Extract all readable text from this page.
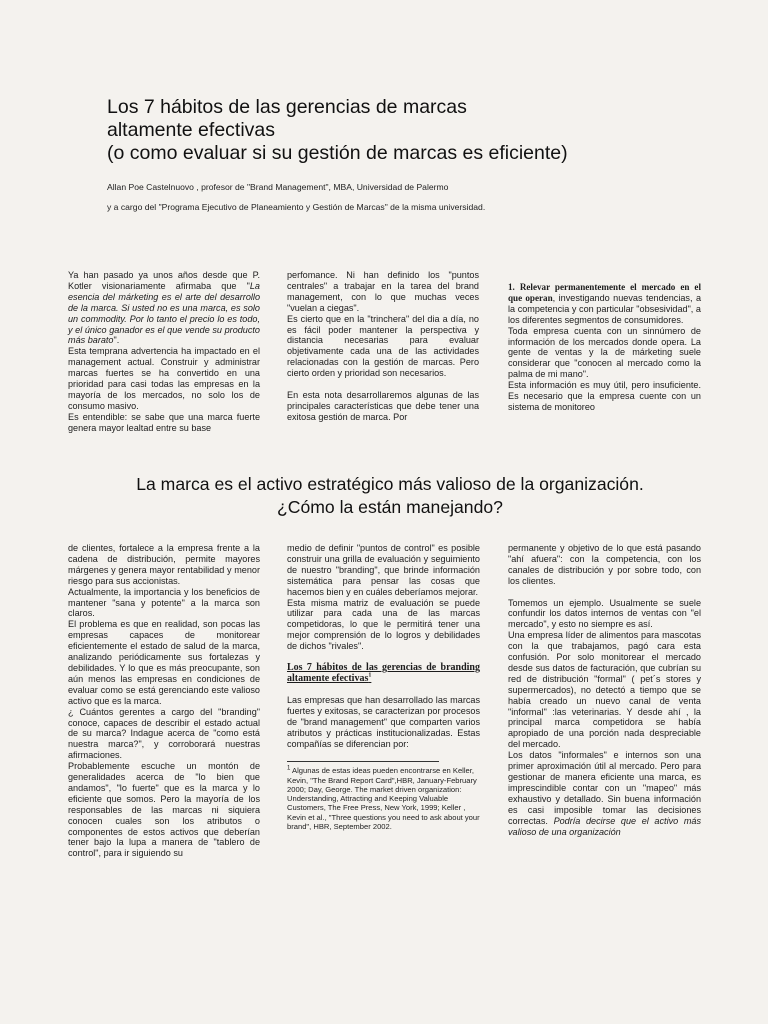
Los 7 hábitos de las gerencias de marcas
altamente efectivas
(o como evaluar si su gestión de marcas es eficiente)
Allan Poe Castelnuovo , profesor de "Brand Management", MBA, Universidad de Palermo
y a cargo del "Programa Ejecutivo de Planeamiento y Gestión de Marcas" de la misma universidad.

Ya han pasado ya unos años desde que P. Kotler visionariamente afirmaba que "La esencia del márketing es el arte del desarrollo de la marca. Si usted no es una marca, es solo un commodity. Por lo tanto el precio lo es todo, y el único ganador es el que vende su producto más barato".

Esta temprana advertencia ha impactado en el management actual. Construir y administrar marcas fuertes se ha convertido en una prioridad para casi todas las empresas en la mayoría de los mercados, no solo los de consumo masivo.

Es entendible: se sabe que una marca fuerte genera mayor lealtad entre su base

perfomance. Ni han definido los "puntos centrales" a trabajar en la tarea del brand management, con lo que muchas veces "vuelan a ciegas".

Es cierto que en la "trinchera" del dia a día, no es fácil poder mantener la perspectiva y distancia necesarias para evaluar objetivamente cada una de las actividades relacionadas con la gestión de marcas. Pero cierto orden y prioridad son necesarios.

En esta nota desarrollaremos algunas de las principales características que debe tener una exitosa gestión de marca. Por

1. Relevar permanentemente el mercado en el que operan, investigando nuevas tendencias, a la competencia y con particular "obsesividad", a los diferentes segmentos de consumidores.

Toda empresa cuenta con un sinnúmero de información de los mercados donde opera. La gente de ventas y la de márketing suele considerar que "conocen al mercado como la palma de mi mano".

Esta información es muy útil, pero insuficiente. Es necesario que la empresa cuente con un sistema de monitoreo

La marca es el activo estratégico más valioso de la organización.
¿Cómo la están manejando?

de clientes, fortalece a la empresa frente a la cadena de distribución, permite mayores márgenes y genera mayor rentabilidad y menor riesgo para sus accionistas.

Actualmente, la importancia y los beneficios de mantener "sana y potente" a la marca son claros.

El problema es que en realidad, son pocas las empresas capaces de monitorear eficientemente el estado de salud de la marca, analizando periódicamente sus fortalezas y debilidades. Y lo que es más preocupante, son aún menos las empresas en condiciones de evaluar como se está gerenciando este valioso activo que es la marca.

¿ Cuántos gerentes a cargo del "branding" conoce, capaces de describir el estado actual de su marca? Indague acerca de "como está nuestra marca?", y corroborará nuestras afirmaciones.

Probablemente escuche un montón de generalidades acerca de "lo bien que andamos", "lo fuerte" que es la marca y lo eficiente que somos. Pero la mayoría de los responsables de las marcas ni siquiera conocen cuales son los atributos o componentes de estos activos que deberían tener bajo la lupa a manera de "tablero de control", para ir siguiendo su

medio de definir "puntos de control" es posible construir una grilla de evaluación y seguimiento de nuestro "branding", que brinde información sistemática para pensar las cosas que hacemos bien y en cuáles deberíamos mejorar.

Esta misma matriz de evaluación se puede utilizar para cada una de las marcas competidoras, lo que le permitirá tener una mejor comprensión de lo logros y debilidades de dichos "rivales".

Los 7 hábitos de las gerencias de branding altamente efectivas$^1$

Las empresas que han desarrollado las marcas fuertes y exitosas, se caracterizan por procesos de "brand management" que comparten varios atributos y prácticas institucionalizadas. Estas compañías se diferencian por:

$^1$ Algunas de estas ideas pueden encontrarse en Keller, Kevin, "The Brand Report Card",HBR, January-February 2000; Day, George. The market driven organization: Understanding, Attracting and Keeping Valuable Customers, The Free Press, New York, 1999; Keller , Kevin et al., "Three questions you need to ask about your brand", HBR, September 2002.

permanente y objetivo de lo que está pasando "ahí afuera": con la competencia, con los canales de distribución y por sobre todo, con los clientes.

Tomemos un ejemplo. Usualmente se suele confundir los datos internos de ventas con "el mercado", y esto no siempre es así.

Una empresa líder de alimentos para mascotas con la que trabajamos, pagó cara esta confusión. Por solo monitorear el mercado desde sus datos de facturación, que cubrían su red de distribución "formal" ( pet´s stores y supermercados), no detectó a tiempo que se había creado un nuevo canal de venta "informal" :las veterinarias. Y desde ahí , la principal marca competidora se había apropiado de una porción nada despreciable del mercado.

Los datos "informales" e internos son una primer aproximación útil al mercado. Pero para gestionar de manera eficiente una marca, es imprescindible contar con un "mapeo" más exhaustivo y detallado. Sin buena información es casi imposible tomar las decisiones correctas. Podría decirse que el activo más valioso de una organización
